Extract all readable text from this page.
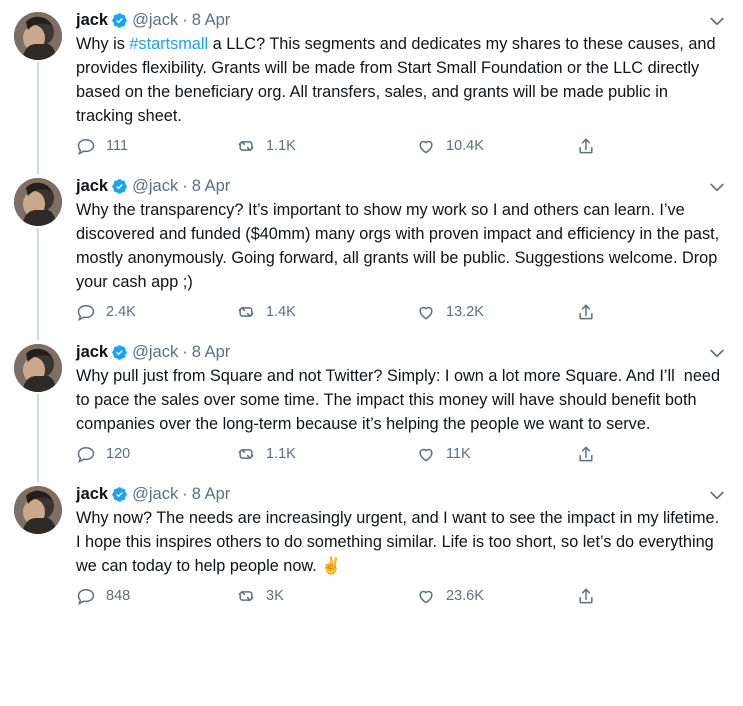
jack @jack · 8 Apr
Why is #startsmall a LLC? This segments and dedicates my shares to these causes, and provides flexibility. Grants will be made from Start Small Foundation or the LLC directly based on the beneficiary org. All transfers, sales, and grants will be made public in tracking sheet.
111	1.1K	10.4K
jack @jack · 8 Apr
Why the transparency? It’s important to show my work so I and others can learn. I’ve discovered and funded ($40mm) many orgs with proven impact and efficiency in the past, mostly anonymously. Going forward, all grants will be public. Suggestions welcome. Drop your cash app ;)
2.4K	1.4K	13.2K
jack @jack · 8 Apr
Why pull just from Square and not Twitter? Simply: I own a lot more Square. And I’ll  need to pace the sales over some time. The impact this money will have should benefit both companies over the long-term because it’s helping the people we want to serve.
120	1.1K	11K
jack @jack · 8 Apr
Why now? The needs are increasingly urgent, and I want to see the impact in my lifetime. I hope this inspires others to do something similar. Life is too short, so let’s do everything we can today to help people now. ✌
848	3K	23.6K
